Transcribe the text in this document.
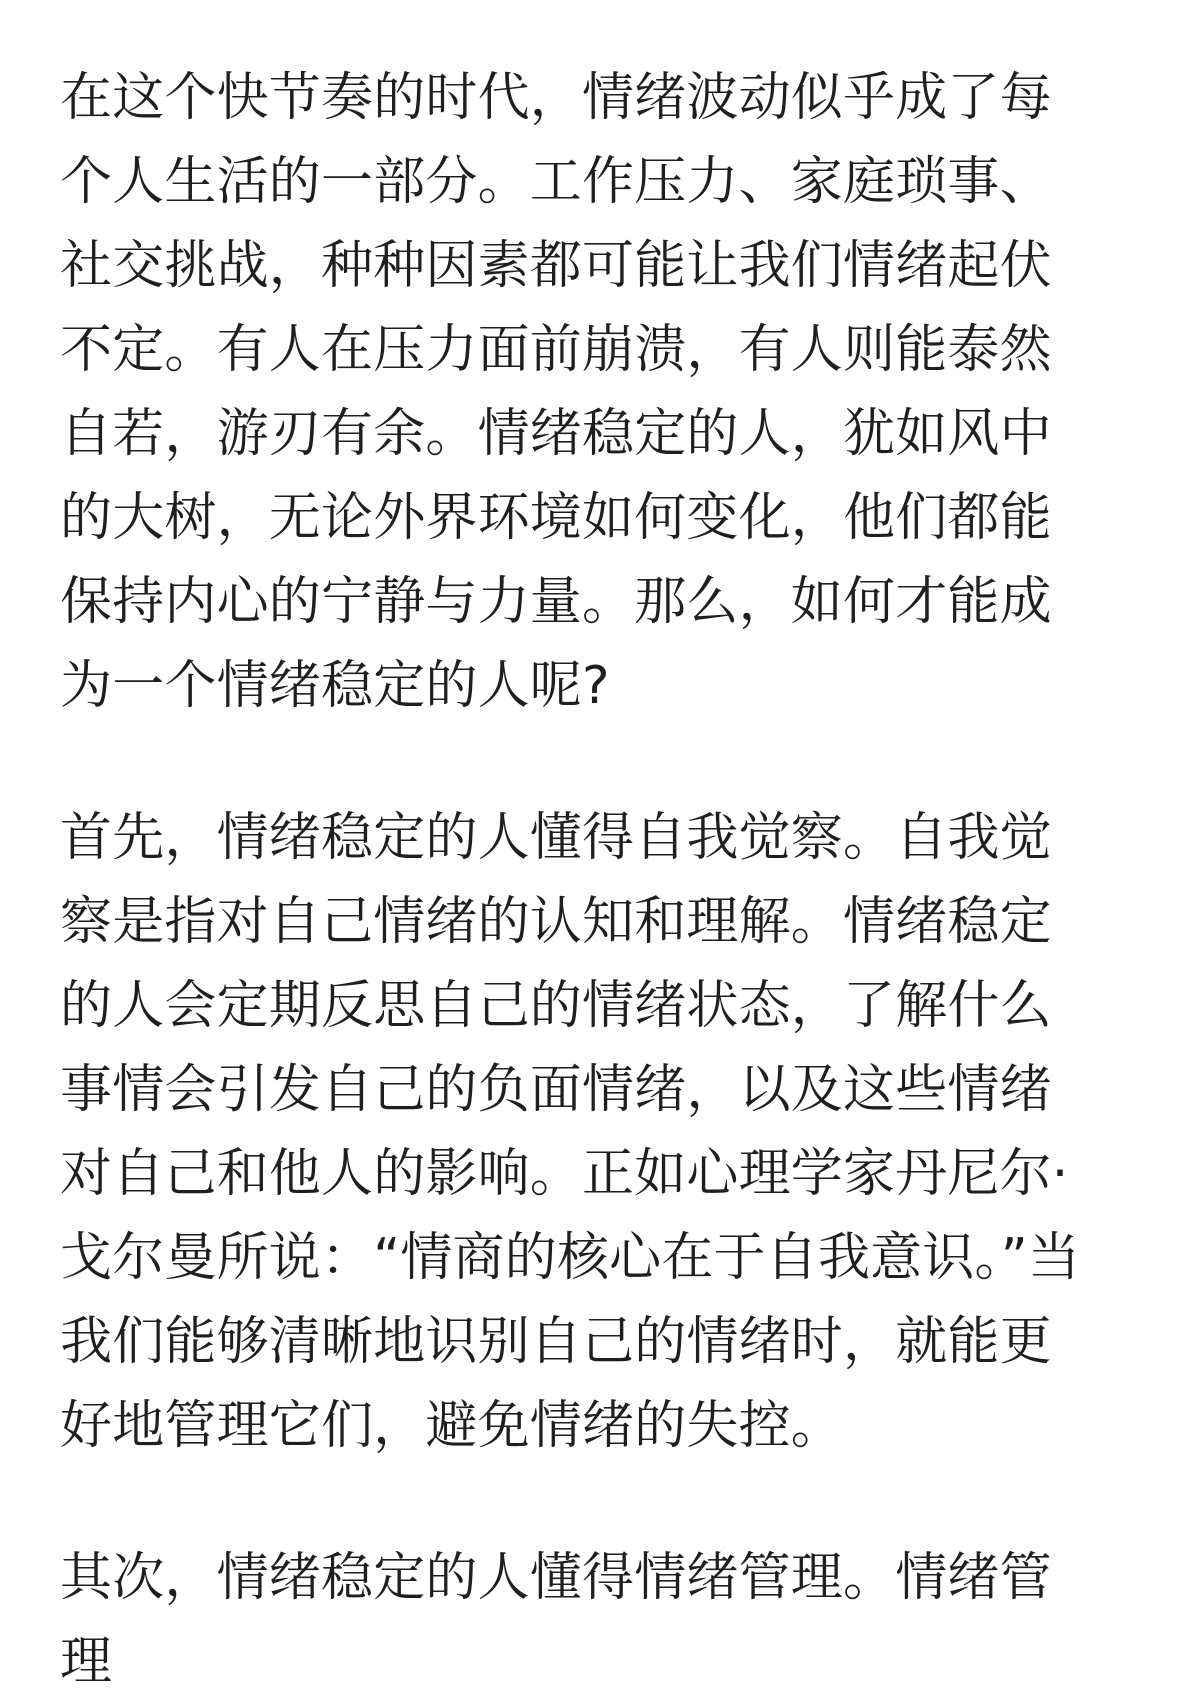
在这个快节奏的时代，情绪波动似乎成了每个人生活的一部分。工作压力、家庭琐事、社交挑战，种种因素都可能让我们情绪起伏不定。有人在压力面前崩溃，有人则能泰然自若，游刃有余。情绪稳定的人，犹如风中的大树，无论外界环境如何变化，他们都能保持内心的宁静与力量。那么，如何才能成为一个情绪稳定的人呢?

首先，情绪稳定的人懂得自我觉察。自我觉察是指对自己情绪的认知和理解。情绪稳定的人会定期反思自己的情绪状态，了解什么事情会引发自己的负面情绪，以及这些情绪对自己和他人的影响。正如心理学家丹尼尔·戈尔曼所说：“情商的核心在于自我意识。”当我们能够清晰地识别自己的情绪时，就能更好地管理它们，避免情绪的失控。

其次，情绪稳定的人懂得情绪管理。情绪管理
